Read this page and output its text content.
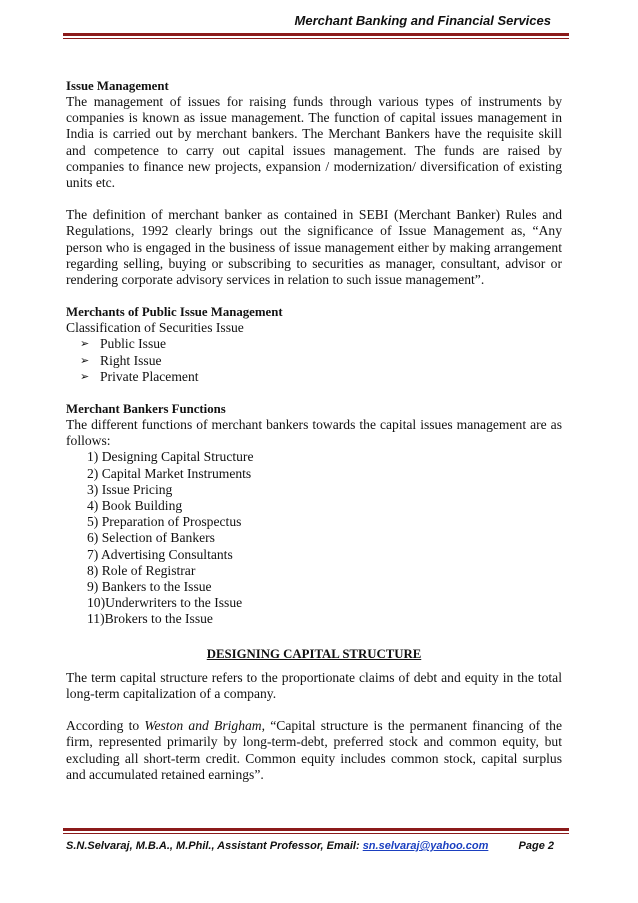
Merchant Banking and Financial Services
Issue Management

The management of issues for raising funds through various types of instruments by companies is known as issue management. The function of capital issues management in India is carried out by merchant bankers. The Merchant Bankers have the requisite skill and competence to carry out capital issues management. The funds are raised by companies to finance new projects, expansion / modernization/ diversification of existing units etc.

The definition of merchant banker as contained in SEBI (Merchant Banker) Rules and Regulations, 1992 clearly brings out the significance of Issue Management as, “Any person who is engaged in the business of issue management either by making arrangement regarding selling, buying or subscribing to securities as manager, consultant, advisor or rendering corporate advisory services in relation to such issue management”.

Merchants of Public Issue Management

Classification of Securities Issue

➢ Public Issue
➢ Right Issue
➢ Private Placement
Merchant Bankers Functions

The different functions of merchant bankers towards the capital issues management are as follows:

1) Designing Capital Structure
2) Capital Market Instruments
3) Issue Pricing
4) Book Building
5) Preparation of Prospectus
6) Selection of Bankers
7) Advertising Consultants
8) Role of Registrar
9) Bankers to the Issue
10)Underwriters to the Issue
11)Brokers to the Issue
DESIGNING CAPITAL STRUCTURE

The term capital structure refers to the proportionate claims of debt and equity in the total long-term capitalization of a company.

According to Weston and Brigham, “Capital structure is the permanent financing of the firm, represented primarily by long-term-debt, preferred stock and common equity, but excluding all short-term credit. Common equity includes common stock, capital surplus and accumulated retained earnings”.

S.N.Selvaraj, M.B.A., M.Phil., Assistant Professor, Email: sn.selvaraj@yahoo.com	Page 2
